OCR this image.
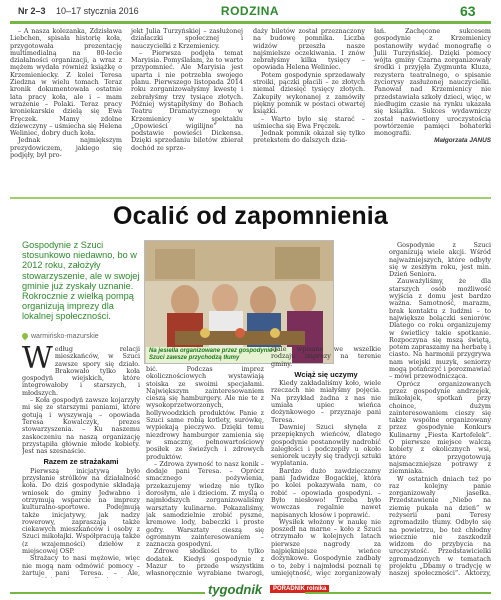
Nr 2–3 10–17 stycznia 2016	RODZINA	63

– A nasza kolezanka, Zdzisława Liebchen, spisała historię koła, przygotowała prezentację multimedialną na 80-lecie działalności organizacji, a wraz z mężem wydała również książkę o Krzemieniecky. Z kolei Teresa Ziedzna w wielu tomach Teraz kronik dokumentowała ostatnie lata pracy koła, ale i – mam wrażenie – Polaki. Teraz pracy kroniekarskie dzielą się Ewa Fręczek. Mamy zdolne dziewczyny – uśmiecha się Helena Weliniec, dobry duch koła.

Jednak najmiększym prezydowiczem, jakiego się podjęły, był pro-

jekt Julia Turzyńskiej – zasłużonej działaczki społecznej i nauczycielki z Krzemienicy.

– Pierwsza podjęła temat Maryisia. Pomyślałam, że to warto przypomnieć. Ale Maryisia jest uparta i nie potrzebła swojego planu. Pierwszego listopada 2014 roku zorganizowałyśmy kwestę i zebrałyśmy trzy tysiące złotych. Później wystąpiłyśmy do Bohach Teatru Dramatycznego w Krzemienicy w spektaklu „Opowieści wigilijne” na podstawie powieści Dickensa. Dzięki sprzedaniu biletów zbierał dochód ze sprze-

daży biletów został przeznaczony na budowę pomnika. Liczba widzów przeszła nasze najśmielsze oczekiwania. I znów zebrałyśmy kilka tysięcy – opowiada Helena Weliniec.

Potem gospodynie sprzedawały stroiki, pączki płacili – ze złotych niemal dziesięć tysięcy złotych. Zakupiły wykonanej z zamówiły piękny pomnik w postaci otwartej książki.

– Warto było się starać – uśmiecha się Ewa Fręczek.

Jednak pomnik okazał się tylko pretekstem do dalszych dzia-

łań. Zachęcone sukcesem gospodynie z Krzemienicy postanowiły wydać monografię o Julii Turzyńskiej. Dzięki pomocy wójta gminy Czarna zorganizowały środki i przyjęła Zygmunta Kluza, rezystera teatralnego, o spisanie życiorysy zasłużonej nauczycielki. Panował nad Krzemienicy nie przedstawiała szkoły dzieci, więc, w niedługim czasie na rynku ukazała się książka. Sukces wydawniczy został naświetlony uroczystością powtórzenie pamięci bohaterki monografii.

Małgorzata JANUS

Ocalić od zapomnienia
Gospodynie z Szuci stosunkowo niedawno, bo w 2012 roku, założyły stowarzyszenie, ale w swojej gminie już zyskały uznanie. Rokrocznie z wielką pompą organizują imprezy dla lokalnej społeczności.
warmińsko-mazurskie
Na jesiella organizowane przez gospodynie z Szuci zawsze przychodzą tłumy

Według relacji mieszkańców, w Szuci zawsze spory się działo. Brakowało tylko koła gospodyń wiejskich, które integrowałoby i starszych, i młodszych.

– Koła gospodyń zawsze kojarzyły mi się ze starszymi paniami, które gotują i wyszywają – opowiada Teresa Kowalczyk, prezes stowarzyszenia. – Ku naszemu zaskoczeniu na naszą organizację przystąpiła głównie młode kobiety. Jest nas szesnaście.

Razem ze strażakami

Pierwszą inicjatywą było przysłanie strólków na działalność koła. Do dziś gospodynie składają wniosek do gminy Jedwabno i otrzymują wsparcie na imprezy kulturalno-sportowe. Podejmują także inicjatywy, jak nadzy rowerowy, zapraszają także ciekawych mieszkańców i osoby z Szuci mikołajki. Współpracują także (z wzajemności) dziełów z miejscowej OSP.

Strażacy to nasi mężowie, więc nie mogą nam odmówić pomocy – żartuje pani Teresa. – Ale,

bić. Podczas imprez okolicznościowych wystawiają stoiska ze swoimi specjałami. Największym zainteresowaniem cieszą się hamburgery. Ale nie te z wysokoprzetworzonych, hollywoodzkich produktów. Panie z Szuci same robią kotlety, surówkę, wypiekają pieczywo. Dzięki temu niezdrowy hamburger zamienia się w smaczny, pełnowartościowy posiłek ze świeżych i zdrowych produktów.

– Zdrowa żywność to nasz konik – dodaje pani Teresa. – Oprócz smacznego pożywienia, przekazujemy wiedzę nie tylko dorosłym, ale i dzieciom. Z myślą o najmłodszych zorganizowaliśmy warsztaty kulinarne. Pokazaliśmy, jak samodzielnie zrobić pyszne, kremowe lody, babeczki i proste gofry. Warsztaty cieszą się ogromnym zainteresowaniem – zaznacza gospodyni.

Zdrowe słodkości to tylko dodatek. Kiedyś gospodynie z Mazur to przede wszystkim własnoręcznie wyrabiane twarogi,

stale wpisane we wszelkie rodzaju imprezy na terenie gminy.

Wciąż się uczymy

Kiedy zakładaliśmy koło, wiele rzeczach nie miałyśmy pojęcia. Na przykład żadna z nas nie umiała upiec wieńca dożynkowego – przyznaje pani Teresa.

Dawniej Szuci słynęła z przepięknych wieńców, dlatego gospodynie postanowiły nadrobić zaległości i podczepiły u około seniorek uczyły się tradycji sztuki wyplatania.

Bardzo dużo zawdzięczamy pani Jadwidze Bogackiej, która po kolei pokazywała nam, co robić – opowiada gospodyni. – Było niesłowo! Trzeba było wowczas regalnie nawet napisanych kłosów i poprawić.

Wysiłek włożony w naukę nie poszedł na marne – koło z Szuci otrzymało w kolejnych latach pierwsze nagrody za najpiękniejsze wieńce dożynkowe. Gospodynie zadbały o to, żeby i najmłodsi poznali tę umiejętność, więc zorganizowały

Gospodynie z Szuci organizują wiele akcji. Wśród najważniejszych, które odbyły się w zeszłym roku, jest min. Dzień Seniora.

Zauważyliśmy, że dla starszych osób możliwość wyjścia z domu jest bardzo ważna. Samotność, marazm, brak kontaktu z ludźmi – to największe bolączki seniorów. Dlatego co roku organizujemy w świetlicy takie spotkanie. Rozpoczyna się mszą świętą, potem zapraszamy na herbatę i ciasto. Na harmonii przygrywa nam wiejski muzyk, seniorzy mogą potańczyć i porozmawiać – mówi przewodnicząca.

Oprócz organizowanych przez gospodynie andrzejek, mikołajek, spotkań przy choince, dużym zainteresowaniem cieszy się także wspólne organizowany przez gospodynie Konkurs Kulinarny „Fiesta Kartofelek”. O pierwsze miejsce walczą kobiety z okolicznych wsi, które przygotowują najsmaczniejsze potrawy z ziemniaka.

W ostatnich dniach też po raz kolejny panie zorganizowały jasełka. Przedstawienie „Niebo na ziemię pukała na dzień” w reżyserii pani Teresy zgromadziło tłumy. Odbyło się na powietrzu, bo też chłodny wiecznie nie zaszkodził widzom do przybycia na uroczystość. Przedstawicielki zgromadzonych w tematach projektu „Dbamy o tradycję w naszej społeczności”. Aktorzy,

tygodnik	PORADNIK rolnika
